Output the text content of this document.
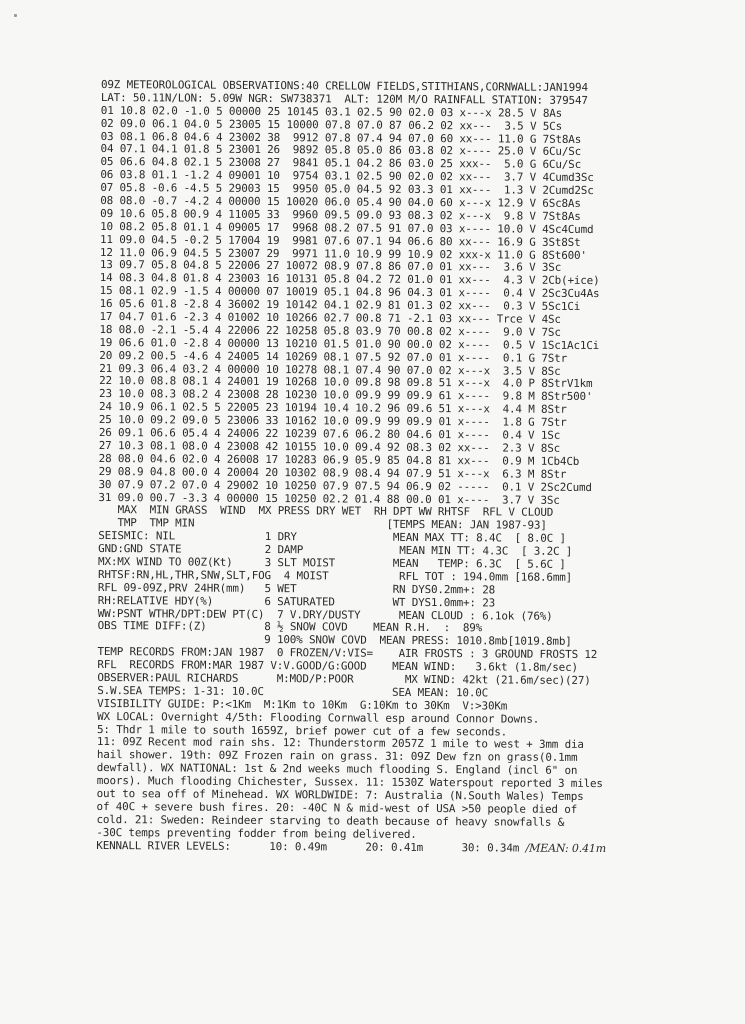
09Z METEOROLOGICAL OBSERVATIONS:40 CRELLOW FIELDS,STITHIANS,CORNWALL:JAN1994
LAT: 50.11N/LON: 5.09W NGR: SW738371  ALT: 120M M/O RAINFALL STATION: 379547
01 10.8 02.0 -1.0 5 00000 25 10145 03.1 02.5 90 02.0 03 x---x 28.5 V 8As
02 09.0 06.1 04.0 5 23005 15 10000 07.8 07.0 87 06.2 02 xx---  3.5 V 5Cs
03 08.1 06.8 04.6 4 23002 38  9912 07.8 07.4 94 07.0 60 xx--- 11.0 G 7St8As
04 07.1 04.1 01.8 5 23001 26  9892 05.8 05.0 86 03.8 02 x---- 25.0 V 6Cu/Sc
05 06.6 04.8 02.1 5 23008 27  9841 05.1 04.2 86 03.0 25 xxx--  5.0 G 6Cu/Sc
06 03.8 01.1 -1.2 4 09001 10  9754 03.1 02.5 90 02.0 02 xx---  3.7 V 4Cumd3Sc
07 05.8 -0.6 -4.5 5 29003 15  9950 05.0 04.5 92 03.3 01 xx---  1.3 V 2Cumd2Sc
08 08.0 -0.7 -4.2 4 00000 15 10020 06.0 05.4 90 04.0 60 x---x 12.9 V 6Sc8As
09 10.6 05.8 00.9 4 11005 33  9960 09.5 09.0 93 08.3 02 x---x  9.8 V 7St8As
10 08.2 05.8 01.1 4 09005 17  9968 08.2 07.5 91 07.0 03 x---- 10.0 V 4Sc4Cumd
11 09.0 04.5 -0.2 5 17004 19  9981 07.6 07.1 94 06.6 80 xx--- 16.9 G 3St8St
12 11.0 06.9 04.5 5 23007 29  9971 11.0 10.9 99 10.9 02 xxx-x 11.0 G 8St600'
13 09.7 05.8 04.8 5 22006 27 10072 08.9 07.8 86 07.0 01 xx---  3.6 V 3Sc
14 08.3 04.8 01.8 4 23003 16 10131 05.8 04.2 72 01.0 01 xx---  4.3 V 2Cb(+ice)
15 08.1 02.9 -1.5 4 00000 07 10019 05.1 04.8 96 04.3 01 x----  0.4 V 2Sc3Cu4As
16 05.6 01.8 -2.8 4 36002 19 10142 04.1 02.9 81 01.3 02 xx---  0.3 V 5Sc1Ci
17 04.7 01.6 -2.3 4 01002 10 10266 02.7 00.8 71 -2.1 03 xx--- Trce V 4Sc
18 08.0 -2.1 -5.4 4 22006 22 10258 05.8 03.9 70 00.8 02 x----  9.0 V 7Sc
19 06.6 01.0 -2.8 4 00000 13 10210 01.5 01.0 90 00.0 02 x----  0.5 V 1Sc1Ac1Ci
20 09.2 00.5 -4.6 4 24005 14 10269 08.1 07.5 92 07.0 01 x----  0.1 G 7Str
21 09.3 06.4 03.2 4 00000 10 10278 08.1 07.4 90 07.0 02 x---x  3.5 V 8Sc
22 10.0 08.8 08.1 4 24001 19 10268 10.0 09.8 98 09.8 51 x---x  4.0 P 8StrV1km
23 10.0 08.3 08.2 4 23008 28 10230 10.0 09.9 99 09.9 61 x----  9.8 M 8Str500'
24 10.9 06.1 02.5 5 22005 23 10194 10.4 10.2 96 09.6 51 x---x  4.4 M 8Str
25 10.0 09.2 09.0 5 23006 33 10162 10.0 09.9 99 09.9 01 x----  1.8 G 7Str
26 09.1 06.6 05.4 4 24006 22 10239 07.6 06.2 80 04.6 01 x----  0.4 V 1Sc
27 10.3 08.1 08.0 4 23008 42 10155 10.0 09.4 92 08.3 02 xx---  2.3 V 8Sc
28 08.0 04.6 02.0 4 26008 17 10283 06.9 05.9 85 04.8 81 xx---  0.9 M 1Cb4Cb
29 08.9 04.8 00.0 4 20004 20 10302 08.9 08.4 94 07.9 51 x---x  6.3 M 8Str
30 07.9 07.2 07.0 4 29002 10 10250 07.9 07.5 94 06.9 02 -----  0.1 V 2Sc2Cumd
31 09.0 00.7 -3.3 4 00000 15 10250 02.2 01.4 88 00.0 01 x----  3.7 V 3Sc
MAX  MIN GRASS  WIND  MX PRESS DRY WET  RH DPT WW RHTSF  RFL V CLOUD
TMP  TMP MIN                              [TEMPS MEAN: JAN 1987-93]
SEISMIC: NIL              1 DRY               MEAN MAX TT: 8.4C  [ 8.0C ]
GND:GND STATE             2 DAMP               MEAN MIN TT: 4.3C  [ 3.2C ]
MX:MX WIND TO 00Z(Kt)     3 SLT MOIST         MEAN   TEMP: 6.3C  [ 5.6C ]
RHTSF:RN,HL,THR,SNW,SLT,FOG  4 MOIST           RFL TOT : 194.0mm [168.6mm]
RFL 09-09Z,PRV 24HR(mm)   5 WET               RN DYS0.2mm+: 28
RH:RELATIVE HDY(%)        6 SATURATED         WT DYS1.0mm+: 23
WW:PSNT WTHR/DPT:DEW PT(C)  7 V.DRY/DUSTY      MEAN CLOUD : 6.1ok (76%)
OBS TIME DIFF:(Z)         8 ½ SNOW COVD    MEAN R.H.  :  89%
9 100% SNOW COVD  MEAN PRESS: 1010.8mb[1019.8mb]
TEMP RECORDS FROM:JAN 1987  0 FROZEN/V:VIS=    AIR FROSTS : 3 GROUND FROSTS 12
RFL  RECORDS FROM:MAR 1987 V:V.GOOD/G:GOOD    MEAN WIND:   3.6kt (1.8m/sec)
OBSERVER:PAUL RICHARDS      M:MOD/P:POOR        MX WIND: 42kt (21.6m/sec)(27)
S.W.SEA TEMPS: 1-31: 10.0C                    SEA MEAN: 10.0C
VISIBILITY GUIDE: P:<1Km  M:1Km to 10Km  G:10Km to 30Km  V:>30Km
WX LOCAL: Overnight 4/5th: Flooding Cornwall esp around Connor Downs.
5: Thdr 1 mile to south 1659Z, brief power cut of a few seconds.
11: 09Z Recent mod rain shs. 12: Thunderstorm 2057Z 1 mile to west + 3mm dia
hail shower. 19th: 09Z Frozen rain on grass. 31: 09Z Dew fzn on grass(0.1mm
dewfall). WX NATIONAL: 1st & 2nd weeks much flooding S. England (incl 6" on
moors). Much flooding Chichester, Sussex. 11: 1530Z Waterspout reported 3 miles
out to sea off of Minehead. WX WORLDWIDE: 7: Australia (N.South Wales) Temps
of 40C + severe bush fires. 20: -40C N & mid-west of USA >50 people died of
cold. 21: Sweden: Reindeer starving to death because of heavy snowfalls &
-30C temps preventing fodder from being delivered.
KENNALL RIVER LEVELS:      10: 0.49m      20: 0.41m      30: 0.34m /MEAN: 0.41m
